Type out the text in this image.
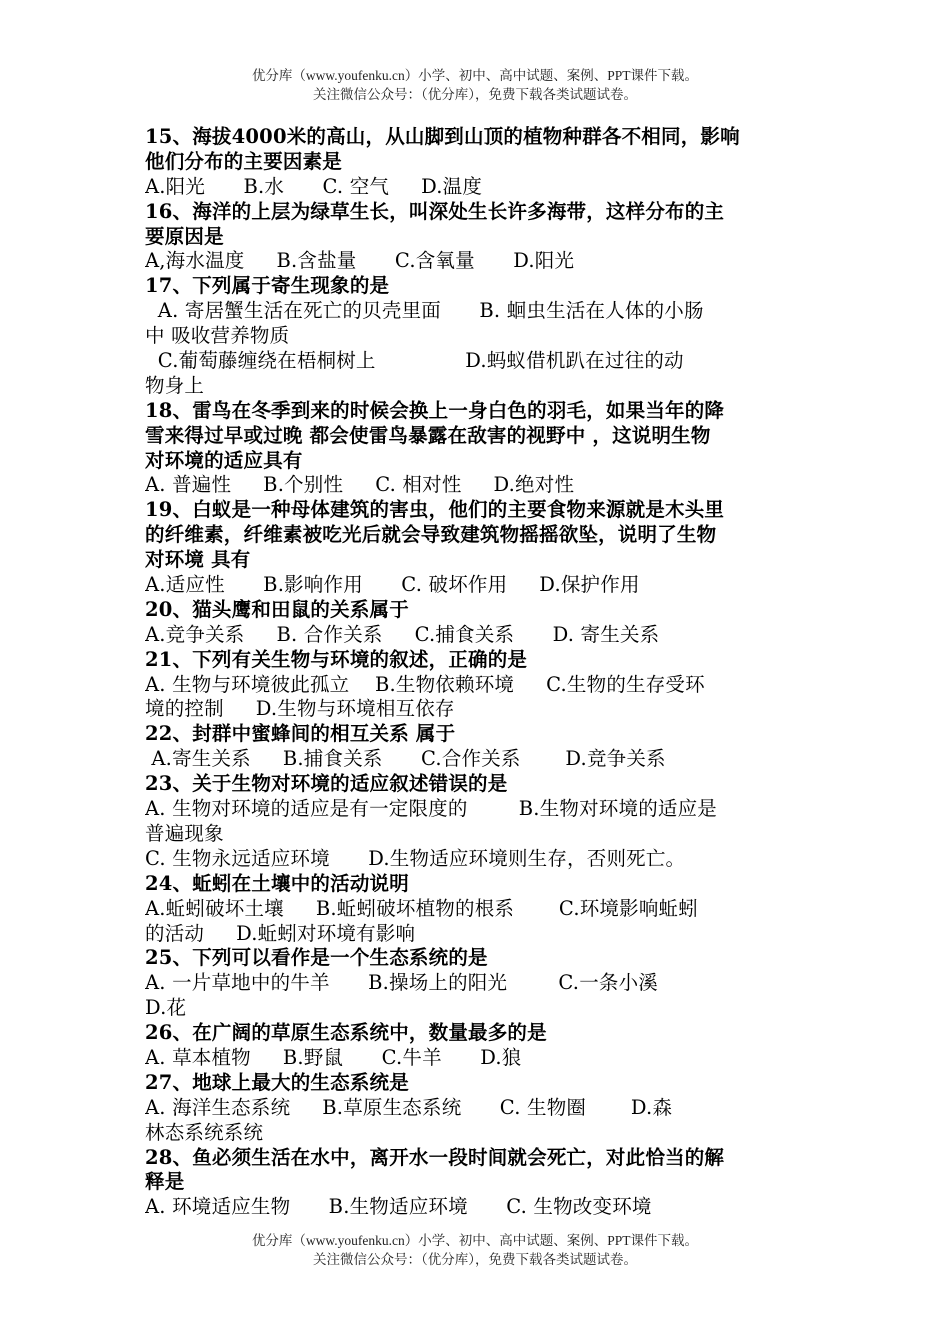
优分库（www.youfenku.cn）小学、初中、高中试题、案例、PPT课件下载。
关注微信公众号：（优分库），免费下载各类试题试卷。
15、海拔4000米的高山，从山脚到山顶的植物种群各不相同，影响
他们分布的主要因素是
A.阳光      B.水      C. 空气     D.温度
16、海洋的上层为绿草生长，叫深处生长许多海带，这样分布的主
要原因是
A,海水温度     B.含盐量      C.含氧量      D.阳光
17、下列属于寄生现象的是
A. 寄居蟹生活在死亡的贝壳里面      B. 蛔虫生活在人体的小肠
中 吸收营养物质
C.葡萄藤缠绕在梧桐树上              D.蚂蚁借机趴在过往的动
物身上
18、雷鸟在冬季到来的时候会换上一身白色的羽毛，如果当年的降
雪来得过早或过晚 都会使雷鸟暴露在敌害的视野中 ，这说明生物
对环境的适应具有
A. 普遍性     B.个别性     C. 相对性     D.绝对性
19、白蚁是一种母体建筑的害虫，他们的主要食物来源就是木头里
的纤维素，纤维素被吃光后就会导致建筑物摇摇欲坠，说明了生物
对环境 具有
A.适应性      B.影响作用      C. 破坏作用     D.保护作用
20、猫头鹰和田鼠的关系属于
A.竞争关系     B. 合作关系     C.捕食关系      D. 寄生关系
21、下列有关生物与环境的叙述，正确的是
A. 生物与环境彼此孤立    B.生物依赖环境     C.生物的生存受环
境的控制     D.生物与环境相互依存
22、封群中蜜蜂间的相互关系 属于
A.寄生关系     B.捕食关系      C.合作关系       D.竞争关系
23、关于生物对环境的适应叙述错误的是
A. 生物对环境的适应是有一定限度的        B.生物对环境的适应是
普遍现象
C. 生物永远适应环境      D.生物适应环境则生存，否则死亡。
24、蚯蚓在土壤中的活动说明
A.蚯蚓破坏土壤     B.蚯蚓破坏植物的根系       C.环境影响蚯蚓
的活动     D.蚯蚓对环境有影响
25、下列可以看作是一个生态系统的是
A. 一片草地中的牛羊      B.操场上的阳光        C.一条小溪
D.花
26、在广阔的草原生态系统中，数量最多的是
A. 草本植物     B.野鼠      C.牛羊      D.狼
27、地球上最大的生态系统是
A. 海洋生态系统     B.草原生态系统      C. 生物圈       D.森
林态系统系统
28、鱼必须生活在水中，离开水一段时间就会死亡，对此恰当的解
释是
A. 环境适应生物      B.生物适应环境      C. 生物改变环境
优分库（www.youfenku.cn）小学、初中、高中试题、案例、PPT课件下载。
关注微信公众号：（优分库），免费下载各类试题试卷。
